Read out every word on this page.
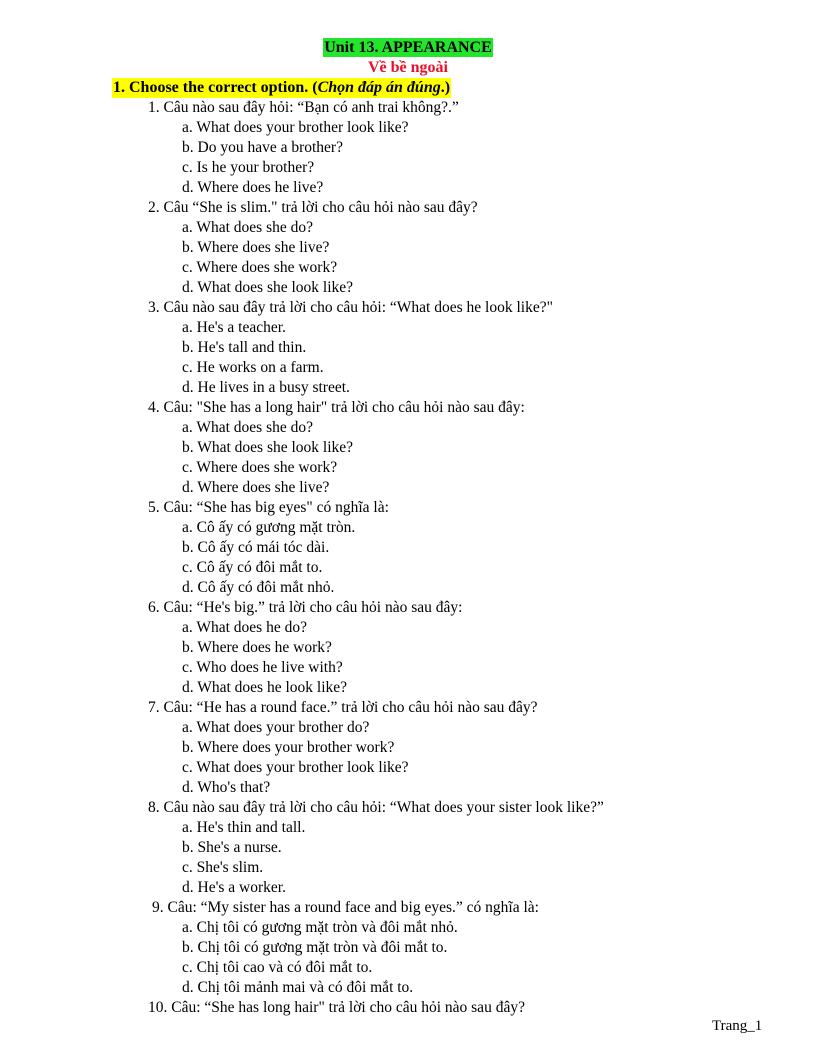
Unit 13. APPEARANCE
Về bề ngoài
1. Choose the correct option. (Chọn đáp án đúng.)
1. Câu nào sau đây hỏi: “Bạn có anh trai không?.”
a. What does your brother look like?
b. Do you have a brother?
c. Is he your brother?
d. Where does he live?
2. Câu “She is slim." trả lời cho câu hỏi nào sau đây?
a. What does she do?
b. Where does she live?
c. Where does she work?
d. What does she look like?
3. Câu nào sau đây trả lời cho câu hỏi: “What does he look like?"
a. He's a teacher.
b. He's tall and thin.
c. He works on a farm.
d. He lives in a busy street.
4. Câu: "She has a long hair" trả lời cho câu hỏi nào sau đây:
a. What does she do?
b. What does she look like?
c. Where does she work?
d. Where does she live?
5. Câu: “She has big eyes" có nghĩa là:
a. Cô ấy có gương mặt tròn.
b. Cô ấy có mái tóc dài.
c. Cô ấy có đôi mắt to.
d. Cô ấy có đôi mắt nhỏ.
6. Câu: “He's big.” trả lời cho câu hỏi nào sau đây:
a. What does he do?
b. Where does he work?
c. Who does he live with?
d. What does he look like?
7. Câu: “He has a round face.” trả lời cho câu hỏi nào sau đây?
a. What does your brother do?
b. Where does your brother work?
c. What does your brother look like?
d. Who's that?
8. Câu nào sau đây trả lời cho câu hỏi: “What does your sister look like?”
a. He's thin and tall.
b. She's a nurse.
c. She's slim.
d. He's a worker.
9. Câu: “My sister has a round face and big eyes.” có nghĩa là:
a. Chị tôi có gương mặt tròn và đôi mắt nhỏ.
b. Chị tôi có gương mặt tròn và đôi mắt to.
c. Chị tôi cao và có đôi mắt to.
d. Chị tôi mảnh mai và có đôi mắt to.
10. Câu: “She has long hair" trả lời cho câu hỏi nào sau đây?
Trang_1
